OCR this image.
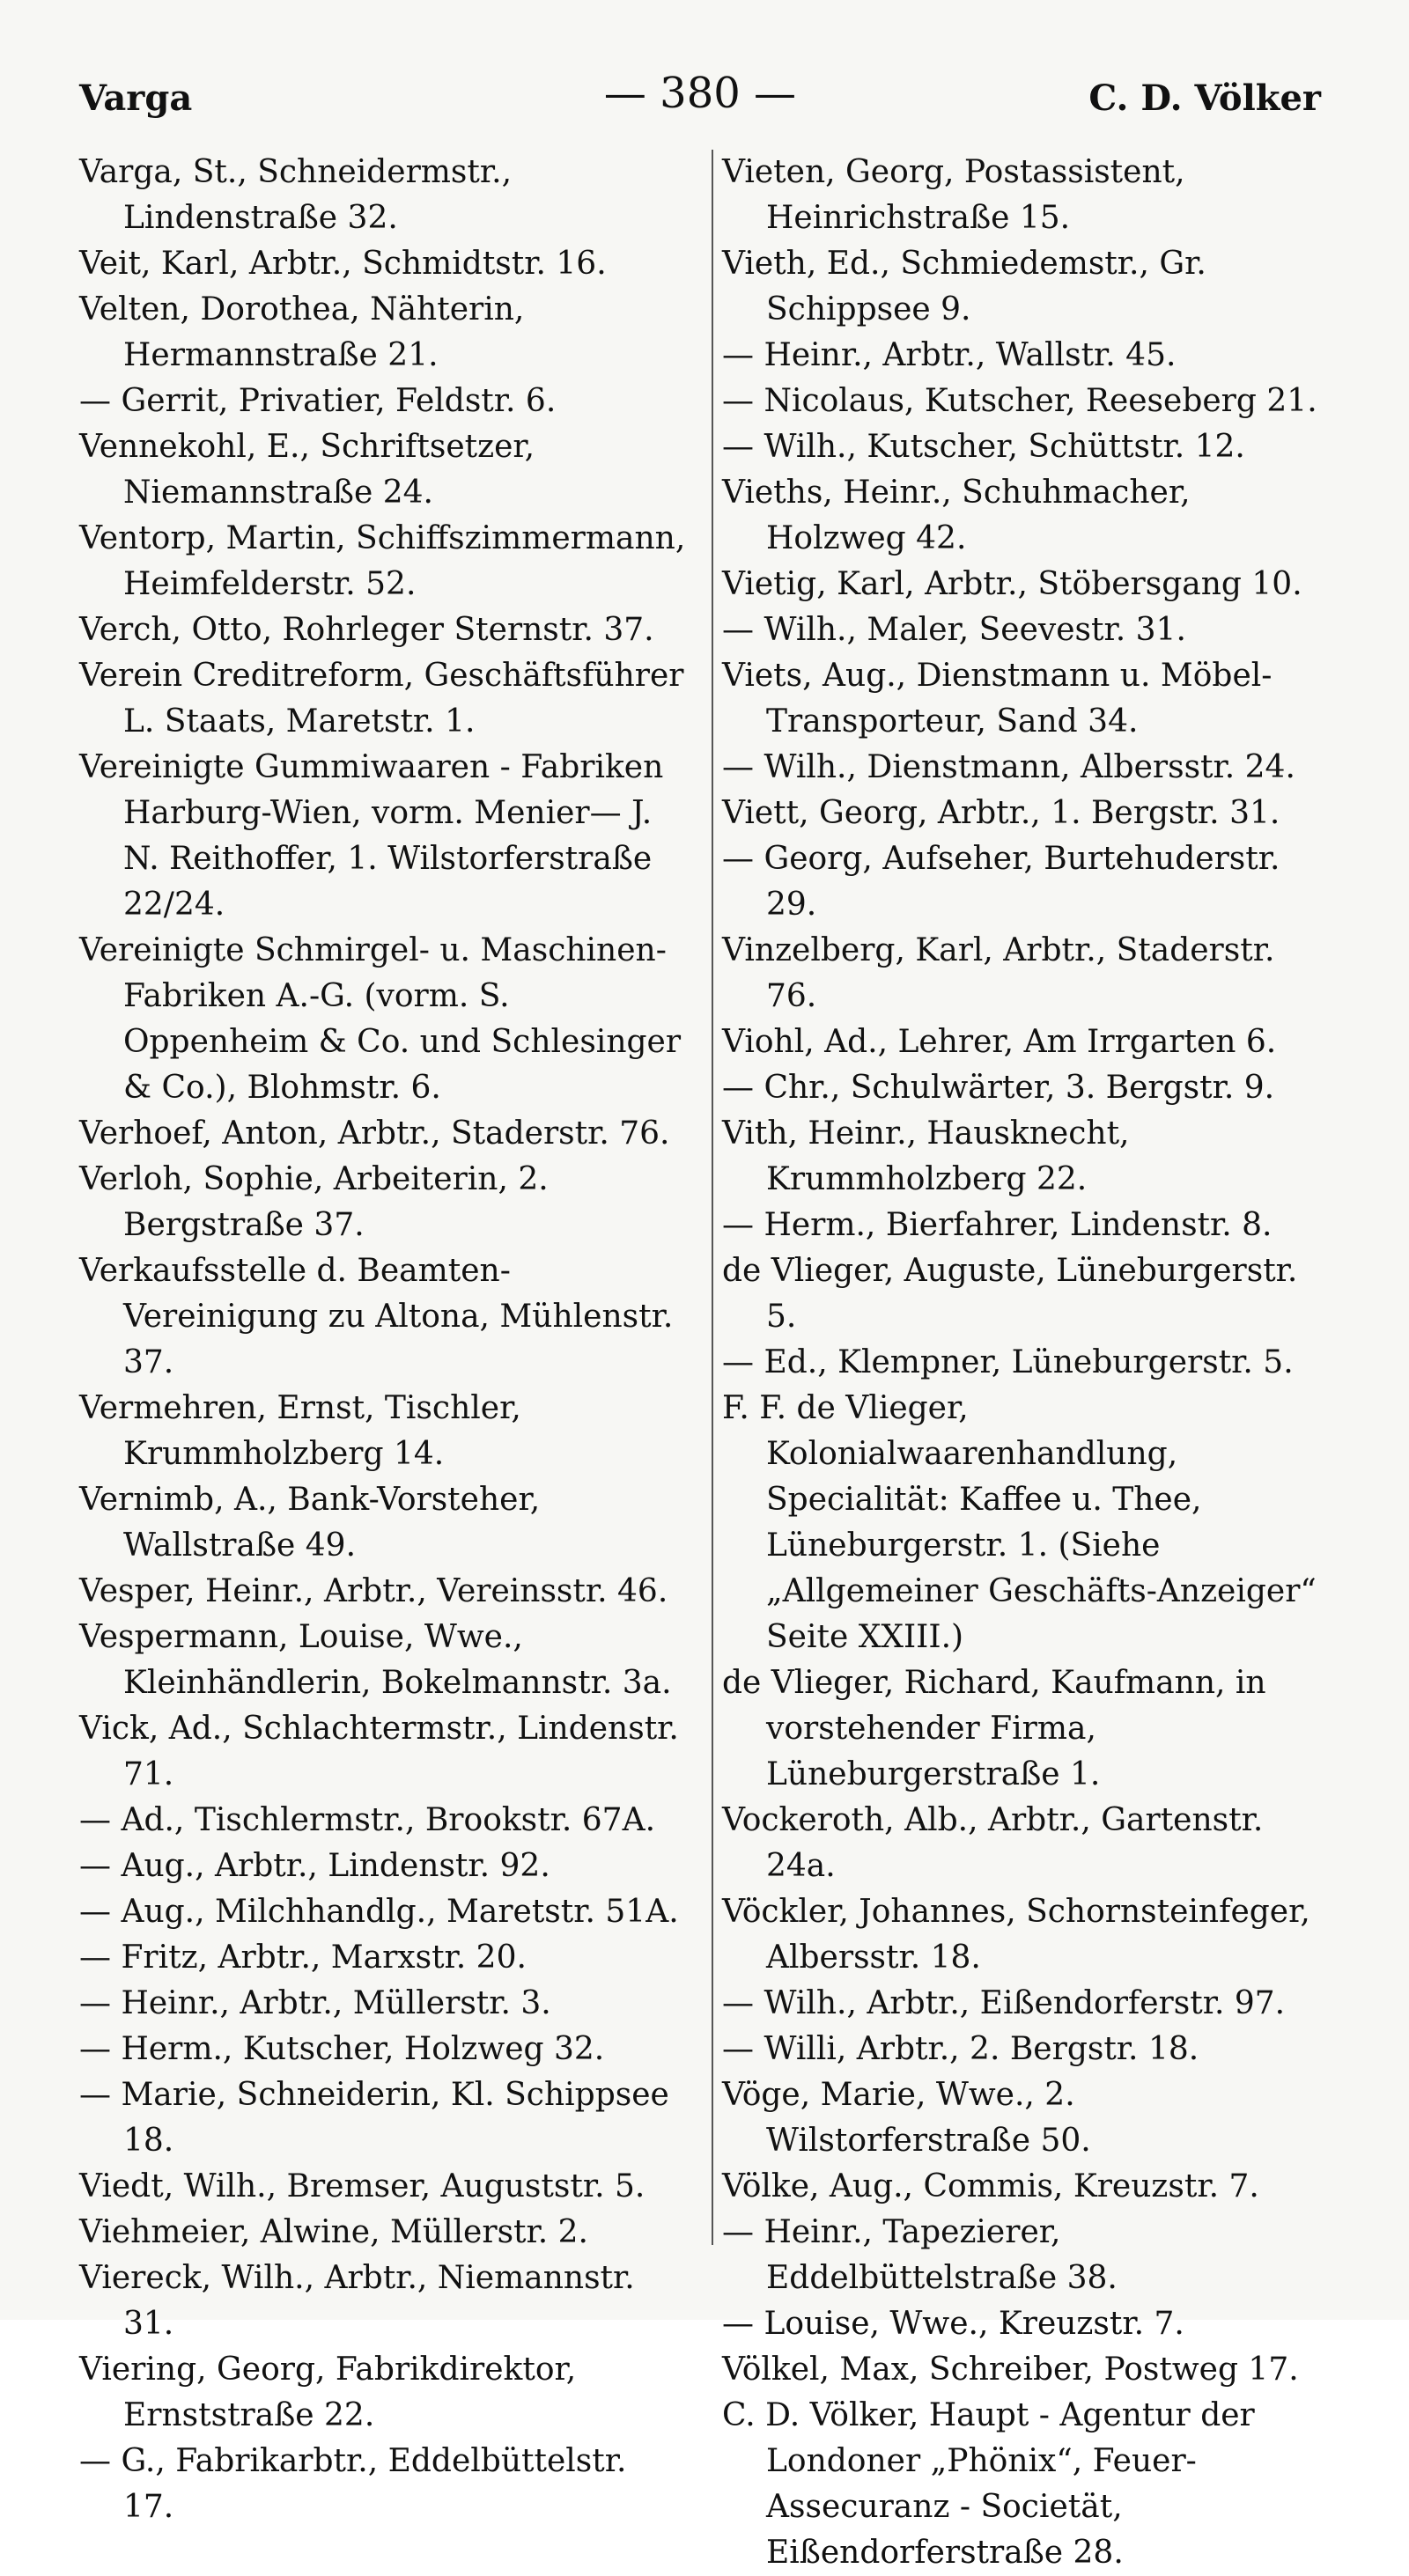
Varga	— 380 —	C. D. Völker

Varga, St., Schneidermstr., Lindenstraße 32.

Veit, Karl, Arbtr., Schmidtstr. 16.

Velten, Dorothea, Nähterin, Hermannstraße 21.

— Gerrit, Privatier, Feldstr. 6.

Vennekohl, E., Schriftsetzer, Niemannstraße 24.

Ventorp, Martin, Schiffszimmermann, Heimfelderstr. 52.

Verch, Otto, Rohrleger Sternstr. 37.

Verein Creditreform, Geschäftsführer L. Staats, Maretstr. 1.

Vereinigte Gummiwaaren - Fabriken Harburg-Wien, vorm. Menier— J. N. Reithoffer, 1. Wilstorferstraße 22/24.

Vereinigte Schmirgel- u. Maschinen-Fabriken A.-G. (vorm. S. Oppenheim & Co. und Schlesinger & Co.), Blohmstr. 6.

Verhoef, Anton, Arbtr., Staderstr. 76.

Verloh, Sophie, Arbeiterin, 2. Bergstraße 37.

Verkaufsstelle d. Beamten-Vereinigung zu Altona, Mühlenstr. 37.

Vermehren, Ernst, Tischler, Krummholzberg 14.

Vernimb, A., Bank-Vorsteher, Wallstraße 49.

Vesper, Heinr., Arbtr., Vereinsstr. 46.

Vespermann, Louise, Wwe., Kleinhändlerin, Bokelmannstr. 3a.

Vick, Ad., Schlachtermstr., Lindenstr. 71.

— Ad., Tischlermstr., Brookstr. 67A.

— Aug., Arbtr., Lindenstr. 92.

— Aug., Milchhandlg., Maretstr. 51A.

— Fritz, Arbtr., Marxstr. 20.

— Heinr., Arbtr., Müllerstr. 3.

— Herm., Kutscher, Holzweg 32.

— Marie, Schneiderin, Kl. Schippsee 18.

Viedt, Wilh., Bremser, Auguststr. 5.

Viehmeier, Alwine, Müllerstr. 2.

Viereck, Wilh., Arbtr., Niemannstr. 31.

Viering, Georg, Fabrikdirektor, Ernststraße 22.

— G., Fabrikarbtr., Eddelbüttelstr. 17.

Vieten, Georg, Postassistent, Heinrichstraße 15.

Vieth, Ed., Schmiedemstr., Gr. Schippsee 9.

— Heinr., Arbtr., Wallstr. 45.

— Nicolaus, Kutscher, Reeseberg 21.

— Wilh., Kutscher, Schüttstr. 12.

Vieths, Heinr., Schuhmacher, Holzweg 42.

Vietig, Karl, Arbtr., Stöbersgang 10.

— Wilh., Maler, Seevestr. 31.

Viets, Aug., Dienstmann u. Möbel-Transporteur, Sand 34.

— Wilh., Dienstmann, Albersstr. 24.

Viett, Georg, Arbtr., 1. Bergstr. 31.

— Georg, Aufseher, Burtehuderstr. 29.

Vinzelberg, Karl, Arbtr., Staderstr. 76.

Viohl, Ad., Lehrer, Am Irrgarten 6.

— Chr., Schulwärter, 3. Bergstr. 9.

Vith, Heinr., Hausknecht, Krummholzberg 22.

— Herm., Bierfahrer, Lindenstr. 8.

de Vlieger, Auguste, Lüneburgerstr. 5.

— Ed., Klempner, Lüneburgerstr. 5.

F. F. de Vlieger, Kolonialwaarenhandlung, Specialität: Kaffee u. Thee, Lüneburgerstr. 1. (Siehe „Allgemeiner Geschäfts-Anzeiger“ Seite XXIII.)

de Vlieger, Richard, Kaufmann, in vorstehender Firma, Lüneburgerstraße 1.

Vockeroth, Alb., Arbtr., Gartenstr. 24a.

Vöckler, Johannes, Schornsteinfeger, Albersstr. 18.

— Wilh., Arbtr., Eißendorferstr. 97.

— Willi, Arbtr., 2. Bergstr. 18.

Vöge, Marie, Wwe., 2. Wilstorferstraße 50.

Völke, Aug., Commis, Kreuzstr. 7.

— Heinr., Tapezierer, Eddelbüttelstraße 38.

— Louise, Wwe., Kreuzstr. 7.

Völkel, Max, Schreiber, Postweg 17.

C. D. Völker, Haupt - Agentur der Londoner „Phönix“, Feuer-Assecuranz - Societät, Eißendorferstraße 28.
